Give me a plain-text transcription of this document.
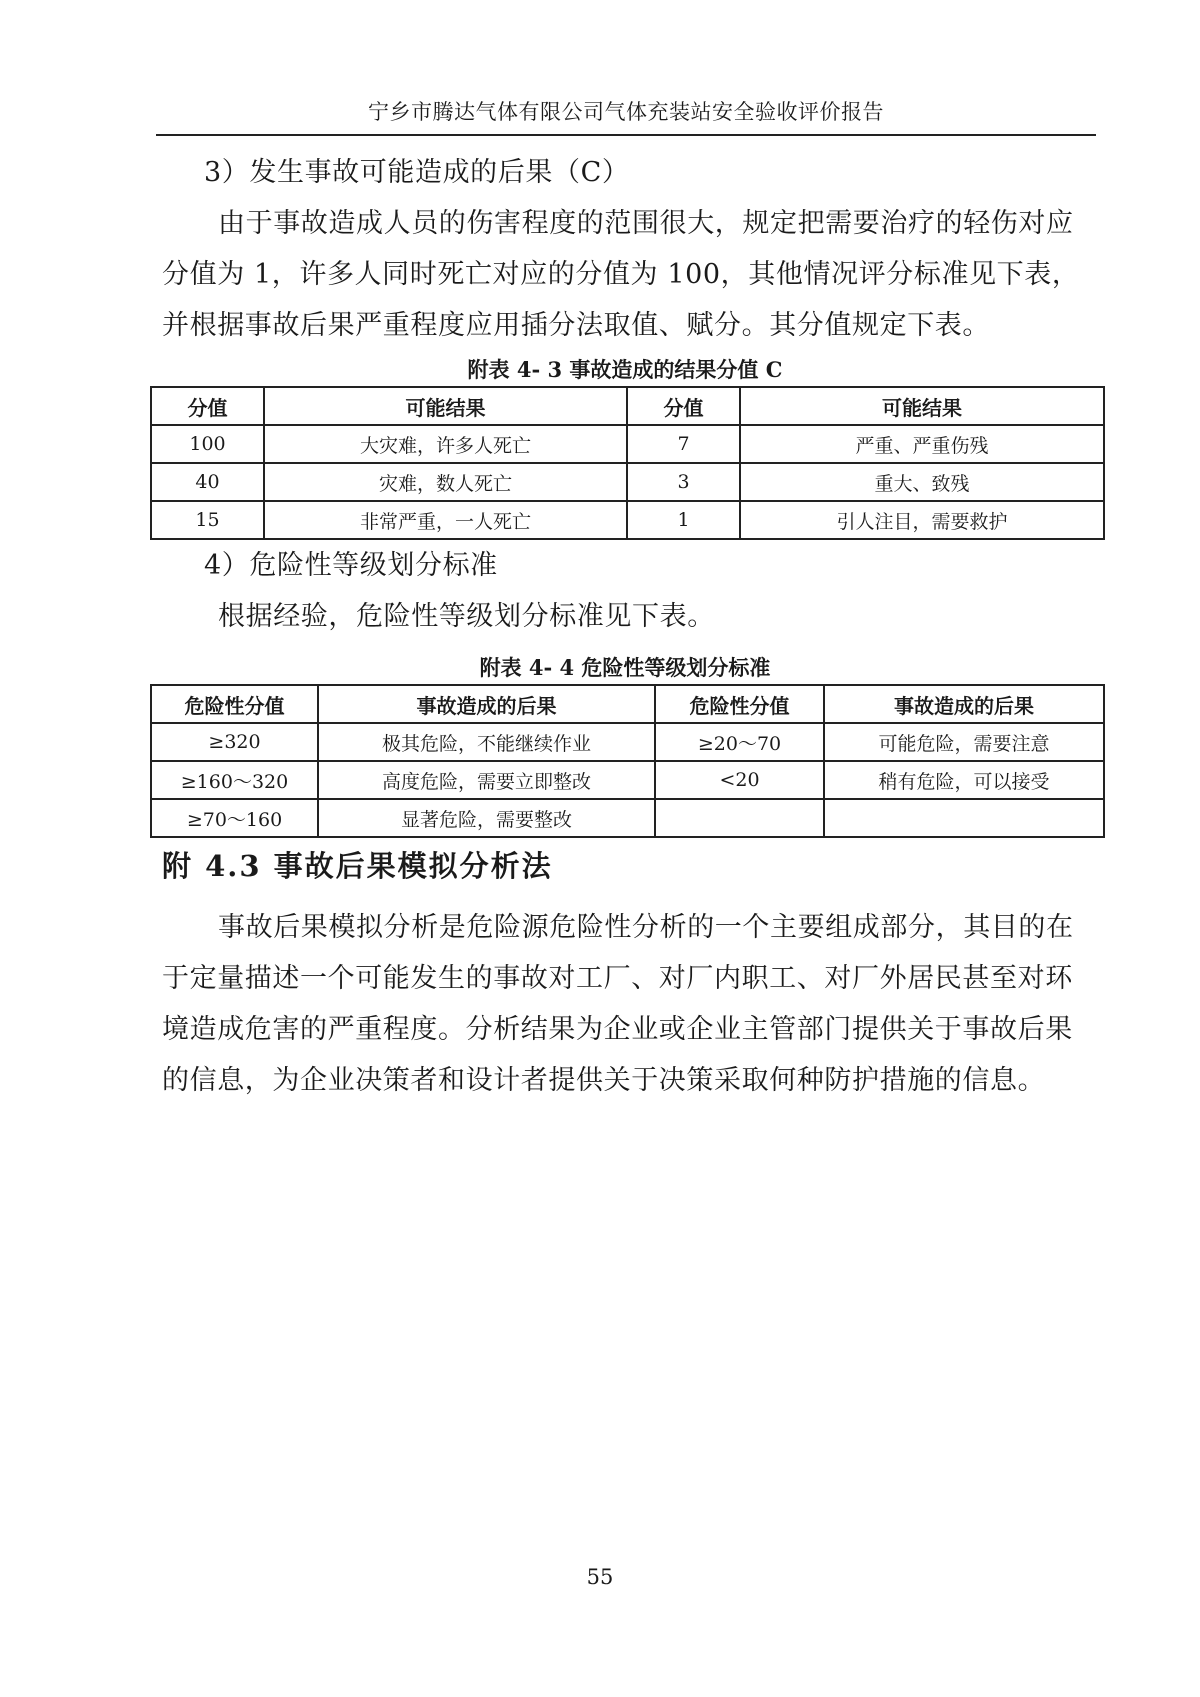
宁乡市腾达气体有限公司气体充装站安全验收评价报告
3）发生事故可能造成的后果（C）
由于事故造成人员的伤害程度的范围很大，规定把需要治疗的轻伤对应
分值为 1，许多人同时死亡对应的分值为 100，其他情况评分标准见下表，
并根据事故后果严重程度应用插分法取值、赋分。其分值规定下表。
附表 4- 3 事故造成的结果分值 C
分值	可能结果	分值	可能结果
100	大灾难，许多人死亡	7	严重、严重伤残
40	灾难，数人死亡	3	重大、致残
15	非常严重，一人死亡	1	引人注目，需要救护
4）危险性等级划分标准
根据经验，危险性等级划分标准见下表。
附表 4- 4 危险性等级划分标准
危险性分值	事故造成的后果	危险性分值	事故造成的后果
≥320	极其危险，不能继续作业	≥20～70	可能危险，需要注意
≥160～320	高度危险，需要立即整改	<20	稍有危险，可以接受
≥70～160	显著危险，需要整改		
附 4.3 事故后果模拟分析法
事故后果模拟分析是危险源危险性分析的一个主要组成部分，其目的在
于定量描述一个可能发生的事故对工厂、对厂内职工、对厂外居民甚至对环
境造成危害的严重程度。分析结果为企业或企业主管部门提供关于事故后果
的信息，为企业决策者和设计者提供关于决策采取何种防护措施的信息。
55
